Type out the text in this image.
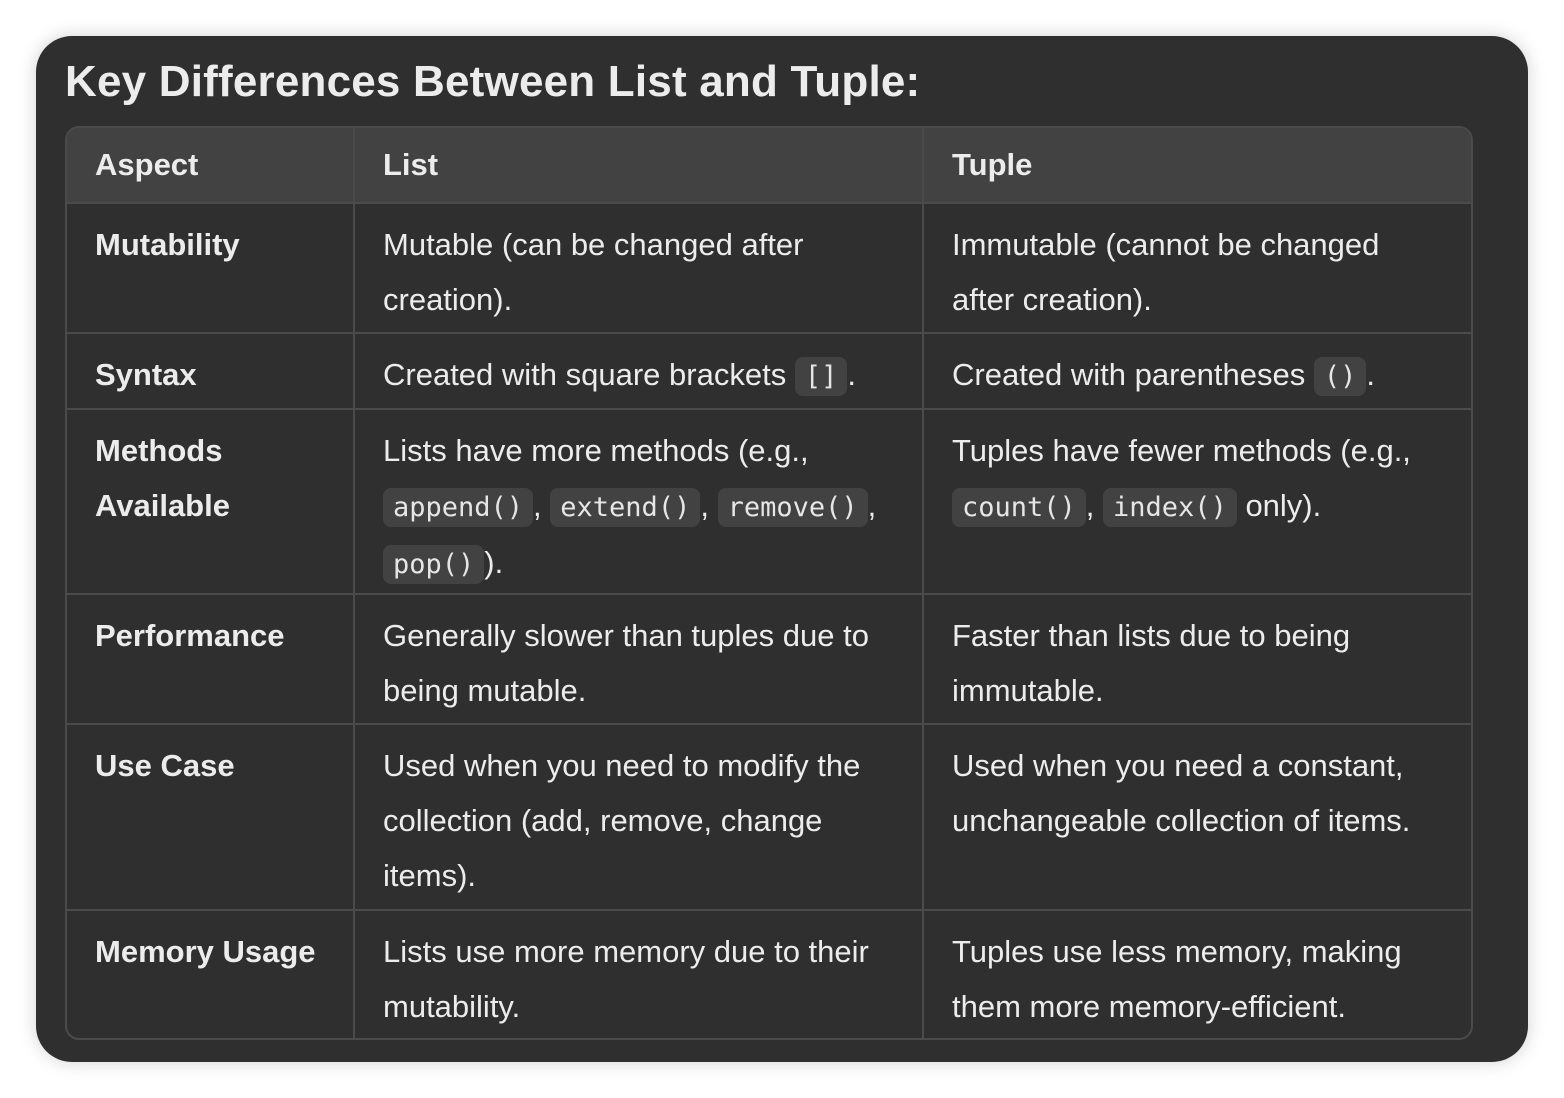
Key Differences Between List and Tuple:
Aspect	List	Tuple
Mutability	Mutable (can be changed after creation).	Immutable (cannot be changed after creation).
Syntax	Created with square brackets [] .	Created with parentheses () .
Methods Available	Lists have more methods (e.g., append() , extend() , remove() , pop() ).	Tuples have fewer methods (e.g., count() , index() only).
Performance	Generally slower than tuples due to being mutable.	Faster than lists due to being immutable.
Use Case	Used when you need to modify the collection (add, remove, change items).	Used when you need a constant, unchangeable collection of items.
Memory Usage	Lists use more memory due to their mutability.	Tuples use less memory, making them more memory-efficient.
